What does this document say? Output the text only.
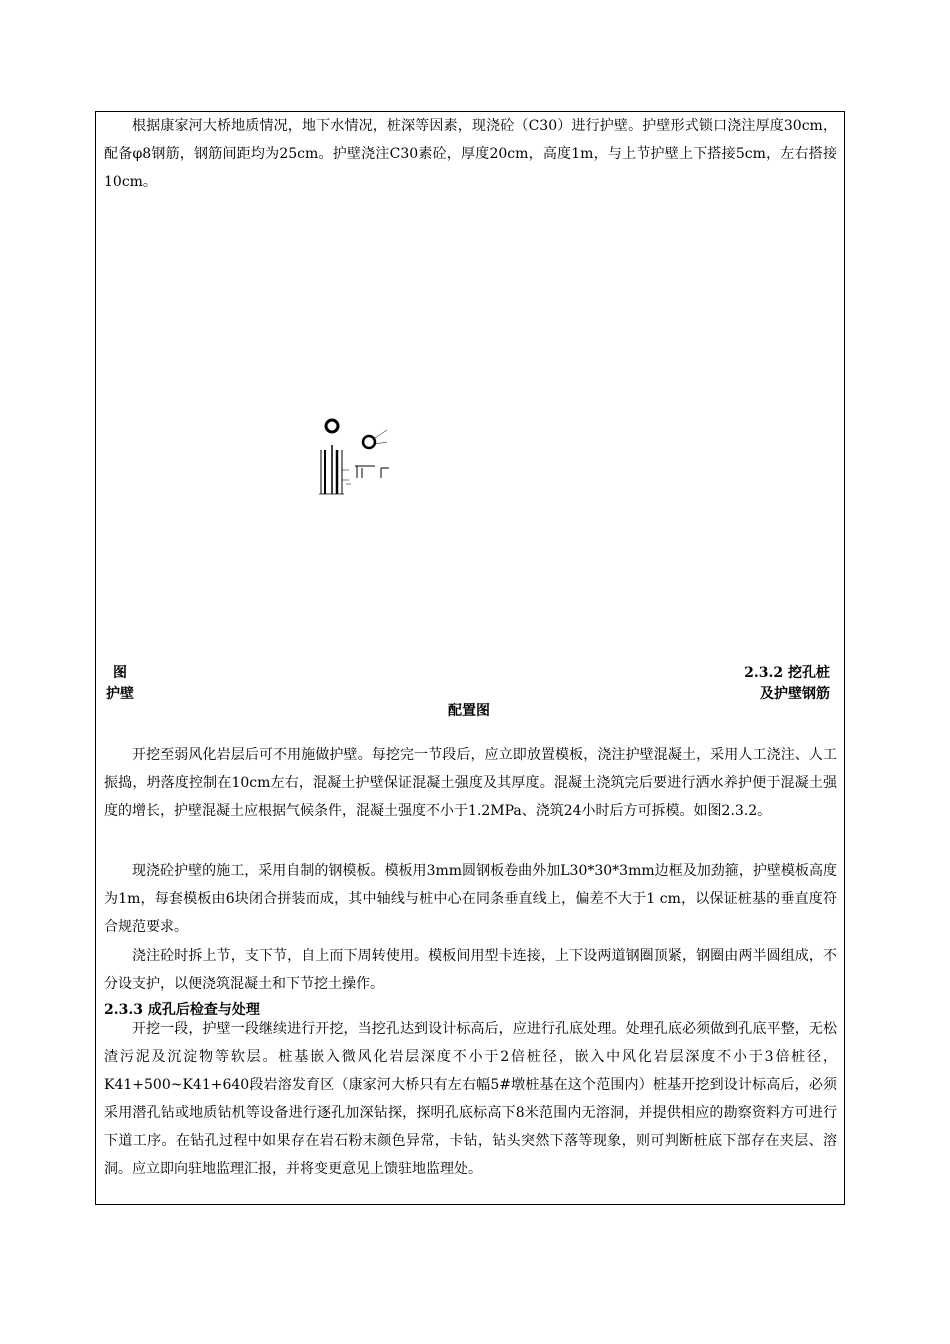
根据康家河大桥地质情况，地下水情况，桩深等因素，现浇砼（C30）进行护壁。护壁形式锁口浇注厚度30cm，配备φ8钢筋，钢筋间距均为25cm。护壁浇注C30素砼，厚度20cm，高度1m，与上节护壁上下搭接5cm，左右搭接10cm。

图
护壁
2.3.2 挖孔桩
及护壁钢筋
配置图

开挖至弱风化岩层后可不用施做护壁。每挖完一节段后，应立即放置模板，浇注护壁混凝土，采用人工浇注、人工振捣，坍落度控制在10cm左右，混凝土护壁保证混凝土强度及其厚度。混凝土浇筑完后要进行洒水养护便于混凝土强度的增长，护壁混凝土应根据气候条件，混凝土强度不小于1.2MPa、浇筑24小时后方可拆模。如图2.3.2。

现浇砼护壁的施工，采用自制的钢模板。模板用3mm圆钢板卷曲外加L30*30*3mm边框及加劲箍，护壁模板高度为1m，每套模板由6块闭合拼装而成，其中轴线与桩中心在同条垂直线上，偏差不大于1 cm，以保证桩基的垂直度符合规范要求。

浇注砼时拆上节，支下节，自上而下周转使用。模板间用型卡连接，上下设两道钢圈顶紧，钢圈由两半圆组成，不分设支护，以便浇筑混凝土和下节挖土操作。

2.3.3 成孔后检查与处理

开挖一段，护壁一段继续进行开挖，当挖孔达到设计标高后，应进行孔底处理。处理孔底必须做到孔底平整，无松渣污泥及沉淀物等软层。桩基嵌入微风化岩层深度不小于2倍桩径，嵌入中风化岩层深度不小于3倍桩径，K41+500~K41+640段岩溶发育区（康家河大桥只有左右幅5#墩桩基在这个范围内）桩基开挖到设计标高后，必须采用潜孔钻或地质钻机等设备进行逐孔加深钻探，探明孔底标高下8米范围内无溶洞，并提供相应的勘察资料方可进行下道工序。在钻孔过程中如果存在岩石粉末颜色异常，卡钻，钻头突然下落等现象，则可判断桩底下部存在夹层、溶洞。应立即向驻地监理汇报，并将变更意见上馈驻地监理处。
